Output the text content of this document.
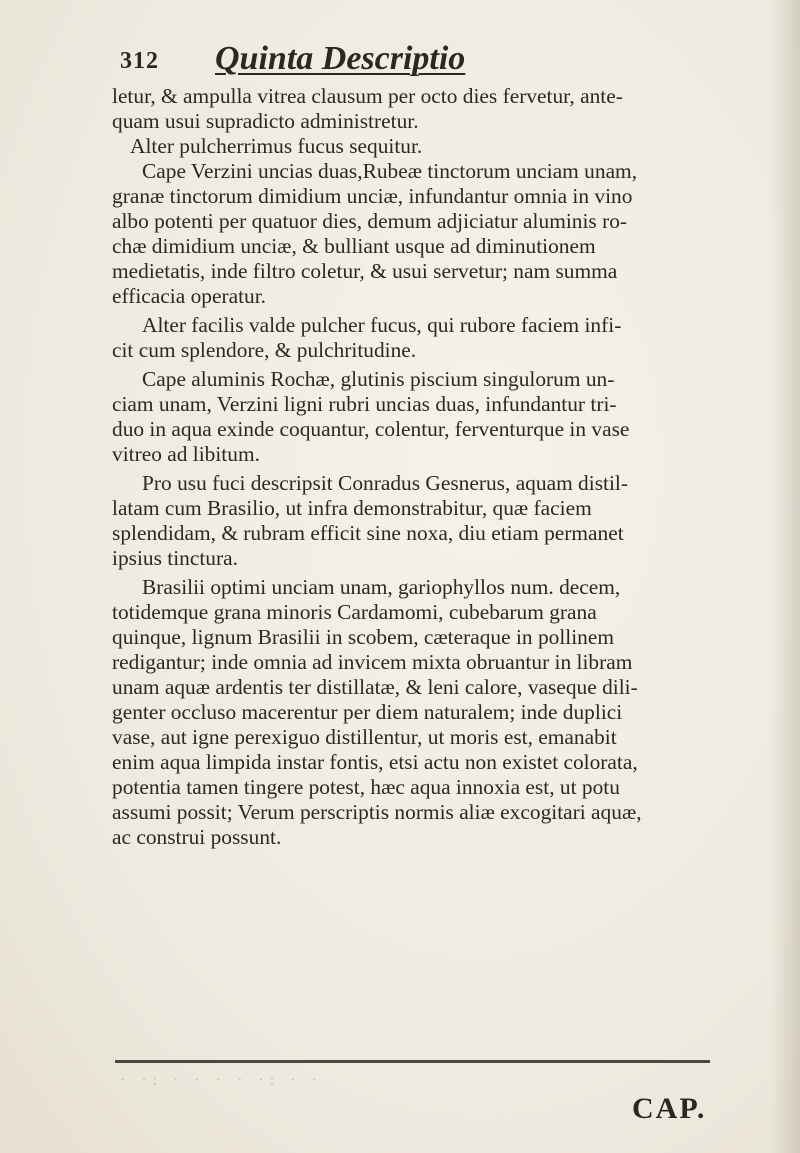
312 Quinta Descriptio
letur, & ampulla vitrea clausum per octo dies fervetur, ante-
quam usui supradicto administretur.
Alter pulcherrimus fucus sequitur.
Cape Verzini uncias duas,Rubeæ tinctorum unciam unam,
granæ tinctorum dimidium unciæ, infundantur omnia in vino
albo potenti per quatuor dies, demum adjiciatur aluminis ro-
chæ dimidium unciæ, & bulliant usque ad diminutionem
medietatis, inde filtro coletur, & usui servetur; nam summa
efficacia operatur.
Alter facilis valde pulcher fucus, qui rubore faciem infi-
cit cum splendore, & pulchritudine.
Cape aluminis Rochæ, glutinis piscium singulorum un-
ciam unam, Verzini ligni rubri uncias duas, infundantur tri-
duo in aqua exinde coquantur, colentur, ferventurque in vase
vitreo ad libitum.
Pro usu fuci descripsit Conradus Gesnerus, aquam distil-
latam cum Brasilio, ut infra demonstrabitur, quæ faciem
splendidam, & rubram efficit sine noxa, diu etiam permanet
ipsius tinctura.
Brasilii optimi unciam unam, gariophyllos num. decem,
totidemque grana minoris Cardamomi, cubebarum grana
quinque, lignum Brasilii in scobem, cæteraque in pollinem
redigantur; inde omnia ad invicem mixta obruantur in libram
unam aquæ ardentis ter distillatæ, & leni calore, vaseque dili-
genter occluso macerentur per diem naturalem; inde duplici
vase, aut igne perexiguo distillentur, ut moris est, emanabit
enim aqua limpida instar fontis, etsi actu non existet colorata,
potentia tamen tingere potest, hæc aqua innoxia est, ut potu
assumi possit; Verum perscriptis normis aliæ excogitari aquæ,
ac construi possunt.
· ·: · · · · ·: · ·
CAP.
